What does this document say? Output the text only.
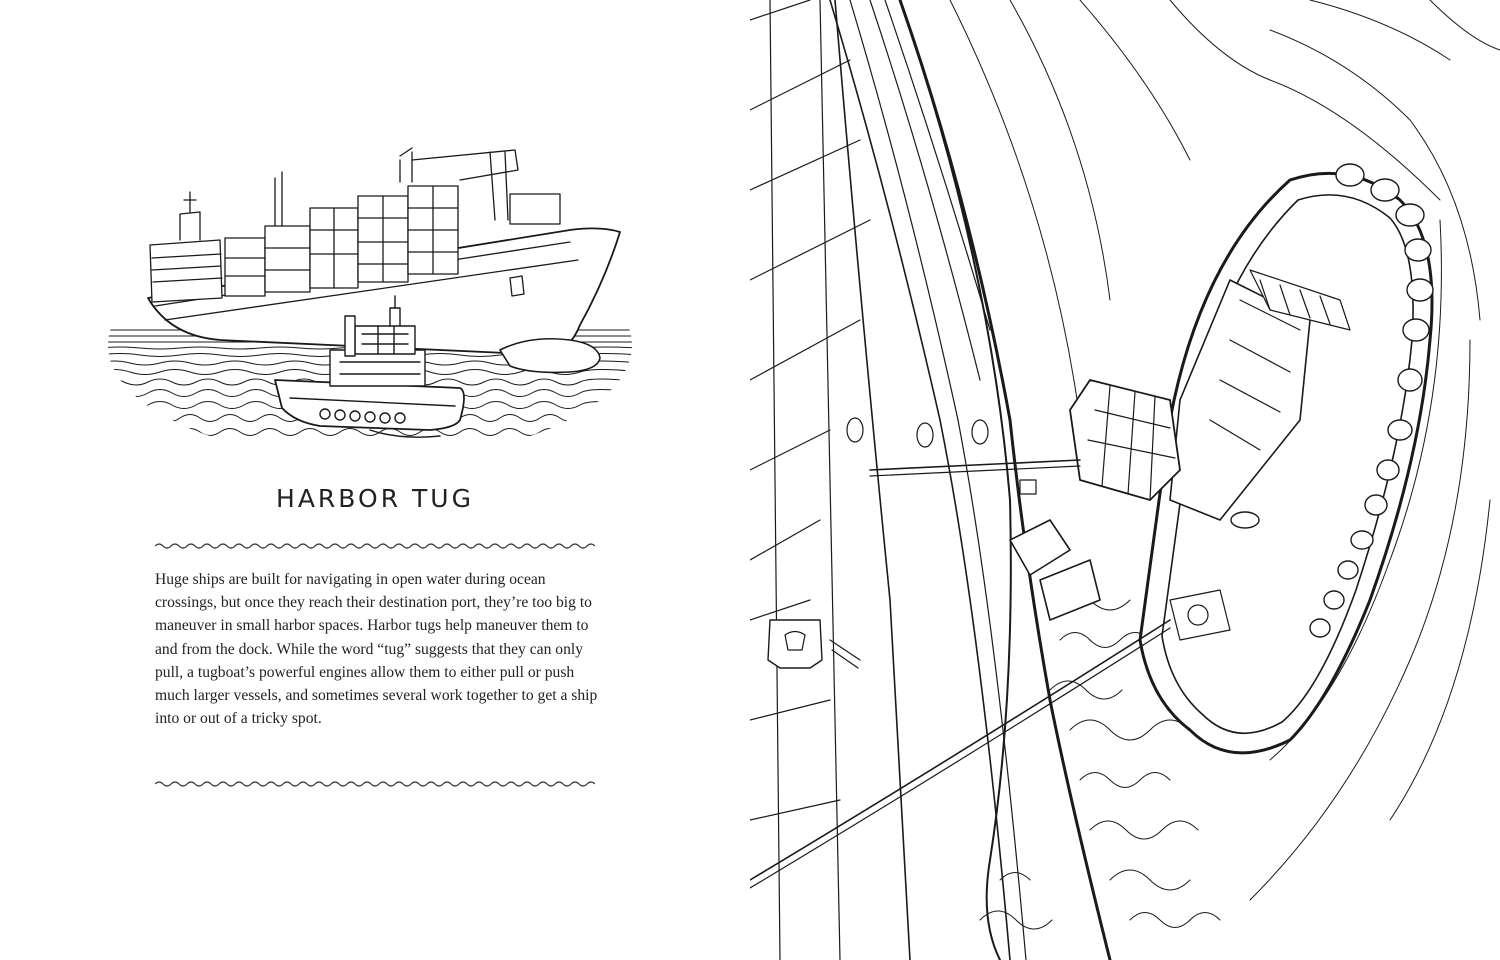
HARBOR TUG

Huge ships are built for navigating in open water during ocean crossings, but once they reach their destination port, they’re too big to maneuver in small harbor spaces. Harbor tugs help maneuver them to and from the dock. While the word “tug” suggests that they can only pull, a tugboat’s powerful engines allow them to either pull or push much larger vessels, and sometimes several work together to get a ship into or out of a tricky spot.
